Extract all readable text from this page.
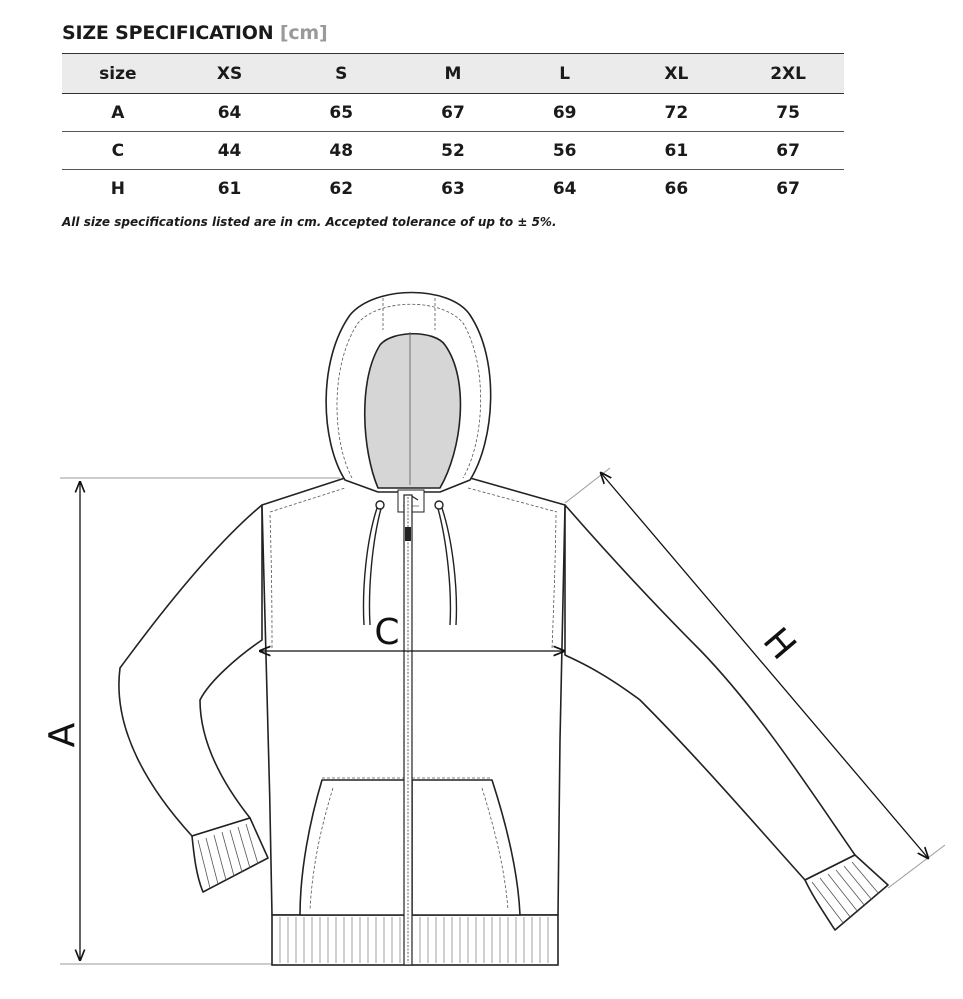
SIZE SPECIFICATION [cm]
size	XS	S	M	L	XL	2XL
A	64	65	67	69	72	75
C	44	48	52	56	61	67
H	61	62	63	64	66	67
All size specifications listed are in cm. Accepted tolerance of up to ± 5%.
A
C	H
